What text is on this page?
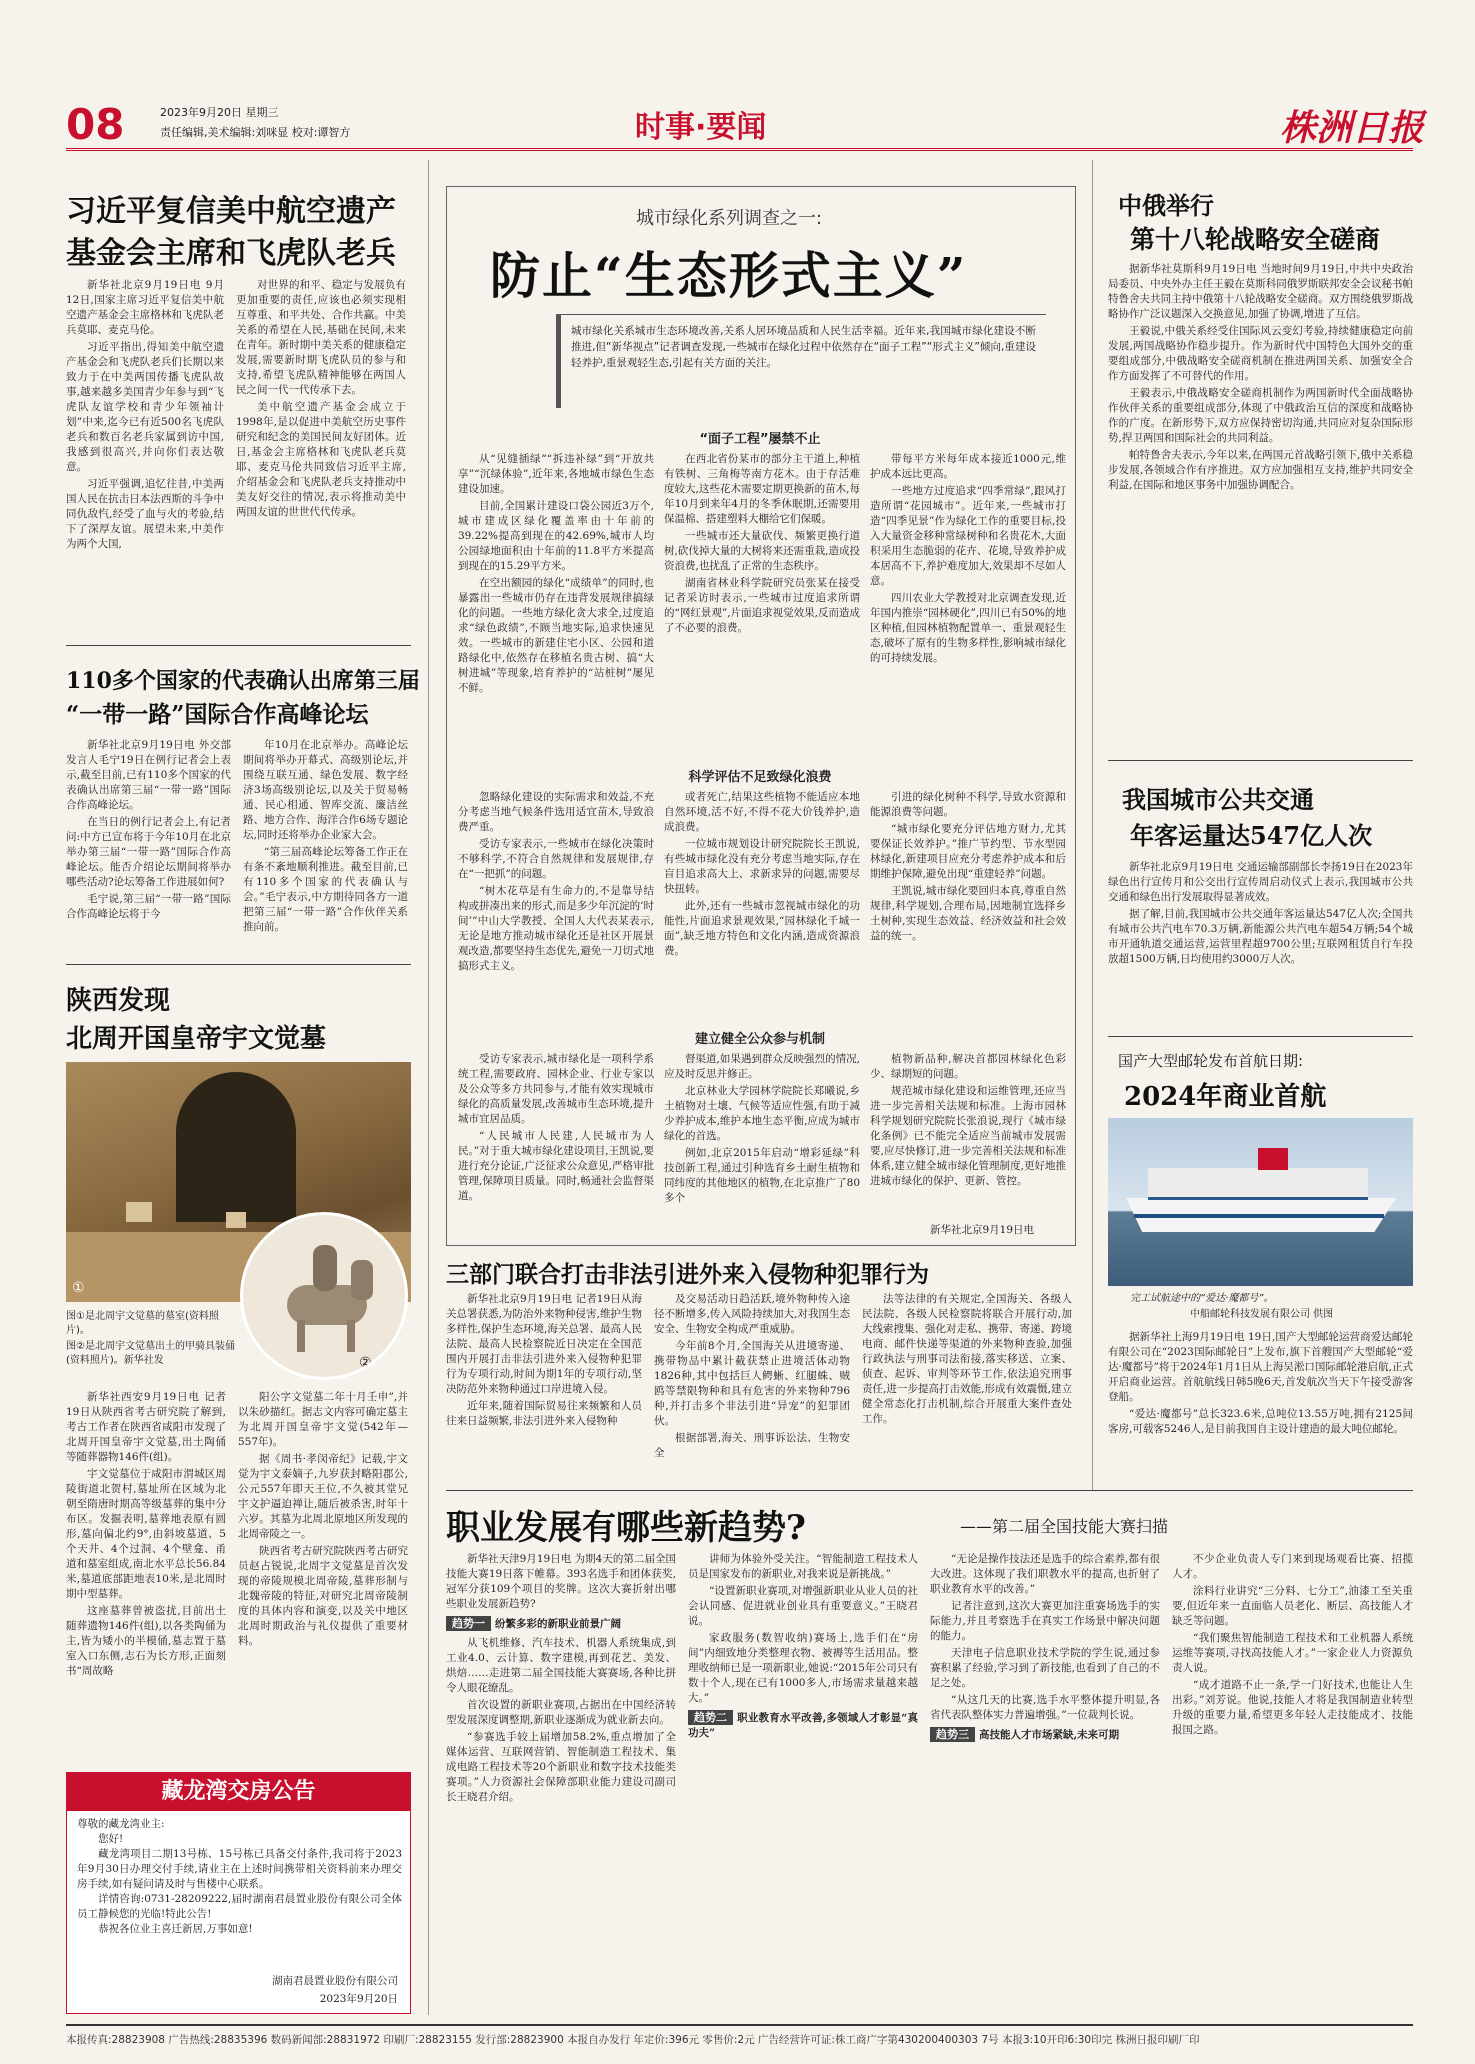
08	2023年9月20日 星期三
责任编辑,美术编辑:刘咪显 校对:谭智方	时事·要闻	株洲日报
习近平复信美中航空遗产
基金会主席和飞虎队老兵

新华社北京9月19日电 9月12日,国家主席习近平复信美中航空遗产基金会主席格林和飞虎队老兵莫耶、麦克马伦。

习近平指出,得知美中航空遗产基金会和飞虎队老兵们长期以来致力于在中美两国传播飞虎队故事,越来越多美国青少年参与到“飞虎队友谊学校和青少年领袖计划”中来,迄今已有近500名飞虎队老兵和数百名老兵家属到访中国,我感到很高兴,并向你们表达敬意。

习近平强调,追忆往昔,中美两国人民在抗击日本法西斯的斗争中同仇敌忾,经受了血与火的考验,结下了深厚友谊。展望未来,中美作为两个大国,

对世界的和平、稳定与发展负有更加重要的责任,应该也必须实现相互尊重、和平共处、合作共赢。中美关系的希望在人民,基础在民间,未来在青年。新时期中美关系的健康稳定发展,需要新时期飞虎队员的参与和支持,希望飞虎队精神能够在两国人民之间一代一代传承下去。

美中航空遗产基金会成立于1998年,是以促进中美航空历史事件研究和纪念的美国民间友好团体。近日,基金会主席格林和飞虎队老兵莫耶、麦克马伦共同致信习近平主席,介绍基金会和飞虎队老兵支持推动中美友好交往的情况,表示将推动美中两国友谊的世世代代传承。

110多个国家的代表确认出席第三届
“一带一路”国际合作高峰论坛

新华社北京9月19日电 外交部发言人毛宁19日在例行记者会上表示,截至目前,已有110多个国家的代表确认出席第三届“一带一路”国际合作高峰论坛。

在当日的例行记者会上,有记者问:中方已宣布将于今年10月在北京举办第三届“一带一路”国际合作高峰论坛。能否介绍论坛期间将举办哪些活动?论坛筹备工作进展如何?

毛宁说,第三届“一带一路”国际合作高峰论坛将于今

年10月在北京举办。高峰论坛期间将举办开幕式、高级别论坛,并围绕互联互通、绿色发展、数字经济3场高级别论坛,以及关于贸易畅通、民心相通、智库交流、廉洁丝路、地方合作、海洋合作6场专题论坛,同时还将举办企业家大会。

“第三届高峰论坛筹备工作正在有条不紊地顺利推进。截至目前,已有110多个国家的代表确认与会。”毛宁表示,中方期待同各方一道把第三届“一带一路”合作伙伴关系推向前。

陕西发现
北周开国皇帝宇文觉墓
①
②
图①是北周宇文觉墓的墓室(资料照片)。
图②是北周宇文觉墓出土的甲骑具装俑(资料照片)。新华社发

新华社西安9月19日电 记者19日从陕西省考古研究院了解到,考古工作者在陕西省咸阳市发现了北周开国皇帝宇文觉墓,出土陶俑等随葬器物146件(组)。

宇文觉墓位于咸阳市渭城区周陵街道北贺村,墓址所在区域为北朝至隋唐时期高等级墓葬的集中分布区。发掘表明,墓葬地表原有圆形,墓向偏北约9°,由斜坡墓道、5个天井、4个过洞、4个壁龛、甬道和墓室组成,南北水平总长56.84米,墓道底部距地表10米,是北周时期中型墓葬。

这座墓葬曾被盗扰,目前出土随葬遗物146件(组),以各类陶俑为主,皆为矮小的半模俑,墓志置于墓室入口东侧,志石为长方形,正面刻书“周故略

阳公字文觉墓二年十月壬申”,并以朱砂描红。据志文内容可确定墓主为北周开国皇帝宇文觉(542年—557年)。

据《周书·孝闵帝纪》记载,宇文觉为宇文泰嫡子,九岁获封略阳郡公,公元557年即天王位,不久被其堂兄宇文护逼迫禅让,随后被杀害,时年十六岁。其墓为北周北原地区所发现的北周帝陵之一。

陕西省考古研究院陕西考古研究员赵占锐说,北周宇文觉墓是首次发现的帝陵规模北周帝陵,墓葬形制与北魏帝陵的特征,对研究北周帝陵制度的具体内容和演变,以及关中地区北周时期政治与礼仪提供了重要材料。

藏龙湾交房公告
尊敬的藏龙湾业主:
您好!
藏龙湾项目二期13号栋、15号栋已具备交付条件,我司将于2023年9月30日办理交付手续,请业主在上述时间携带相关资料前来办理交房手续,如有疑问请及时与售楼中心联系。
详情咨询:0731-28209222,届时湖南君晨置业股份有限公司全体员工静候您的光临!特此公告!
恭祝各位业主喜迁新居,万事如意!
湖南君晨置业股份有限公司
2023年9月20日
城市绿化系列调查之一:
防止“生态形式主义”
城市绿化关系城市生态环境改善,关系人居环境品质和人民生活幸福。近年来,我国城市绿化建设不断推进,但“新华视点”记者调查发现,一些城市在绿化过程中依然存在“面子工程”“形式主义”倾向,重建设轻养护,重景观轻生态,引起有关方面的关注。
“面子工程”屡禁不止

从“见缝插绿”“拆违补绿”到“开放共享”“沉绿体验”,近年来,各地城市绿色生态建设加速。

目前,全国累计建设口袋公园近3万个,城市建成区绿化覆盖率由十年前的39.22%提高到现在的42.69%,城市人均公园绿地面积由十年前的11.8平方米提高到现在的15.29平方米。

在空出额园的绿化“成绩单”的同时,也暴露出一些城市仍存在违背发展规律搞绿化的问题。一些地方绿化贪大求全,过度追求“绿色政绩”,不顾当地实际,追求快速见效。一些城市的新建住宅小区、公园和道路绿化中,依然存在移植名贵古树、搞“大树进城”等现象,培育养护的“站桩树”屡见不鲜。

在西北省份某市的部分主干道上,种植有铁树、三角梅等南方花木。由于存活难度较大,这些花木需要定期更换新的苗木,每年10月到来年4月的冬季休眠期,还需要用保温棉、搭建塑料大棚给它们保暖。

一些城市还大量砍伐、频繁更换行道树,砍伐掉大量的大树将来还需重栽,造成投资浪费,也扰乱了正常的生态秩序。

湖南省林业科学院研究员张某在接受记者采访时表示,一些城市过度追求所谓的“网红景观”,片面追求视觉效果,反而造成了不必要的浪费。

带每平方米每年成本接近1000元,维护成本远比更高。

一些地方过度追求“四季常绿”,跟风打造所谓“花园城市”。近年来,一些城市打造“四季见景”作为绿化工作的重要目标,投入大量资金移种常绿树种和名贵花木,大面积采用生态脆弱的花卉、花境,导致养护成本居高不下,养护难度加大,效果却不尽如人意。

四川农业大学教授对北京调查发现,近年国内推崇“园林硬化”,四川已有50%的地区种植,但园林植物配置单一、重景观轻生态,破坏了原有的生物多样性,影响城市绿化的可持续发展。

科学评估不足致绿化浪费

忽略绿化建设的实际需求和效益,不充分考虑当地气候条件选用适宜苗木,导致浪费严重。

受访专家表示,一些城市在绿化决策时不够科学,不符合自然规律和发展规律,存在“一把抓”的问题。

“树木花草是有生命力的,不是靠导结构或拼凑出来的形式,而是多少年沉淀的‘时间’”中山大学教授、全国人大代表某表示,无论是地方推动城市绿化还是社区开展景观改造,都要坚持生态优先,避免一刀切式地搞形式主义。

或者死亡,结果这些植物不能适应本地自然环境,活不好,不得不花大价钱养护,造成浪费。

一位城市规划设计研究院院长王凯说,有些城市绿化没有充分考虑当地实际,存在盲目追求高大上、求新求异的问题,需要尽快扭转。

此外,还有一些城市忽视城市绿化的功能性,片面追求景观效果,“园林绿化千城一面”,缺乏地方特色和文化内涵,造成资源浪费。

引进的绿化树种不科学,导致水资源和能源浪费等问题。

“城市绿化要充分评估地方财力,尤其要保证长效养护。”推广节约型、节水型园林绿化,新建项目应充分考虑养护成本和后期维护保障,避免出现“重建轻养”问题。

王凯说,城市绿化要回归本真,尊重自然规律,科学规划,合理布局,因地制宜选择乡土树种,实现生态效益、经济效益和社会效益的统一。

建立健全公众参与机制

受访专家表示,城市绿化是一项科学系统工程,需要政府、园林企业、行业专家以及公众等多方共同参与,才能有效实现城市绿化的高质量发展,改善城市生态环境,提升城市宜居品质。

“人民城市人民建,人民城市为人民。”对于重大城市绿化建设项目,王凯说,要进行充分论证,广泛征求公众意见,严格审批管理,保障项目质量。同时,畅通社会监督渠道。

督渠道,如果遇到群众反映强烈的情况,应及时反思并修正。

北京林业大学园林学院院长郑曦说,乡土植物对土壤、气候等适应性强,有助于减少养护成本,维护本地生态平衡,应成为城市绿化的首选。

例如,北京2015年启动“增彩延绿”科技创新工程,通过引种选育乡土耐生植物和同纬度的其他地区的植物,在北京推广了80多个

植物新品种,解决首都园林绿化色彩少、绿期短的问题。

规范城市绿化建设和运维管理,还应当进一步完善相关法规和标准。上海市园林科学规划研究院院长张浪说,现行《城市绿化条例》已不能完全适应当前城市发展需要,应尽快修订,进一步完善相关法规和标准体系,建立健全城市绿化管理制度,更好地推进城市绿化的保护、更新、管控。

新华社北京9月19日电
三部门联合打击非法引进外来入侵物种犯罪行为

新华社北京9月19日电 记者19日从海关总署获悉,为防治外来物种侵害,维护生物多样性,保护生态环境,海关总署、最高人民法院、最高人民检察院近日决定在全国范围内开展打击非法引进外来入侵物种犯罪行为专项行动,时间为期1年的专项行动,坚决防范外来物种通过口岸进境入侵。

近年来,随着国际贸易往来频繁和人员往来日益频繁,非法引进外来入侵物种

及交易活动日趋活跃,境外物种传入途径不断增多,传入风险持续加大,对我国生态安全、生物安全构成严重威胁。

今年前8个月,全国海关从进境寄递、携带物品中累计截获禁止进境活体动物1826种,其中包括巨人鳄蜥、红腿蛛、贼鸥等禁限物种和具有危害的外来物种796种,并打击多个非法引进“异宠”的犯罪团伙。

根据部署,海关、刑事诉讼法、生物安全

法等法律的有关规定,全国海关、各级人民法院、各级人民检察院将联合开展行动,加大线索搜集、强化对走私、携带、寄递、跨境电商、邮件快递等渠道的外来物种查验,加强行政执法与刑事司法衔接,落实移送、立案、侦查、起诉、审判等环节工作,依法追究刑事责任,进一步提高打击效能,形成有效震慑,建立健全常态化打击机制,综合开展重大案件查处工作。

中俄举行
第十八轮战略安全磋商

据新华社莫斯科9月19日电 当地时间9月19日,中共中央政治局委员、中央外办主任王毅在莫斯科同俄罗斯联邦安全会议秘书帕特鲁舍夫共同主持中俄第十八轮战略安全磋商。双方围绕俄罗斯战略协作广泛议题深入交换意见,加强了协调,增进了互信。

王毅说,中俄关系经受住国际风云变幻考验,持续健康稳定向前发展,两国战略协作稳步提升。作为新时代中国特色大国外交的重要组成部分,中俄战略安全磋商机制在推进两国关系、加强安全合作方面发挥了不可替代的作用。

王毅表示,中俄战略安全磋商机制作为两国新时代全面战略协作伙伴关系的重要组成部分,体现了中俄政治互信的深度和战略协作的广度。在新形势下,双方应保持密切沟通,共同应对复杂国际形势,捍卫两国和国际社会的共同利益。

帕特鲁舍夫表示,今年以来,在两国元首战略引领下,俄中关系稳步发展,各领域合作有序推进。双方应加强相互支持,维护共同安全利益,在国际和地区事务中加强协调配合。

我国城市公共交通
年客运量达547亿人次

新华社北京9月19日电 交通运输部副部长李扬19日在2023年绿色出行宣传月和公交出行宣传周启动仪式上表示,我国城市公共交通和绿色出行发展取得显著成效。

据了解,目前,我国城市公共交通年客运量达547亿人次;全国共有城市公共汽电车70.3万辆,新能源公共汽电车超54万辆;54个城市开通轨道交通运营,运营里程超9700公里;互联网租赁自行车投放超1500万辆,日均使用约3000万人次。

国产大型邮轮发布首航日期:
2024年商业首航
完工试航途中的“爱达·魔都号”。
中船邮轮科技发展有限公司 供图

据新华社上海9月19日电 19日,国产大型邮轮运营商爱达邮轮有限公司在“2023国际邮轮日”上发布,旗下首艘国产大型邮轮“爱达·魔都号”将于2024年1月1日从上海吴淞口国际邮轮港启航,正式开启商业运营。首航航线日韩5晚6天,首发航次当天下午接受游客登船。

“爱达·魔都号”总长323.6米,总吨位13.55万吨,拥有2125间客房,可载客5246人,是目前我国自主设计建造的最大吨位邮轮。

职业发展有哪些新趋势?	——第二届全国技能大赛扫描

新华社天津9月19日电 为期4天的第二届全国技能大赛19日落下帷幕。393名选手和团体获奖,冠军分获109个项目的奖牌。这次大赛折射出哪些职业发展新趋势?

趋势一 纷繁多彩的新职业前景广阔

从飞机维修、汽车技术、机器人系统集成,到工业4.0、云计算、数字建模,再到花艺、美发、烘焙……走进第二届全国技能大赛赛场,各种比拼令人眼花缭乱。

首次设置的新职业赛项,占据出在中国经济转型发展深度调整期,新职业逐渐成为就业新去向。

“参赛选手较上届增加58.2%,重点增加了全媒体运营、互联网营销、智能制造工程技术、集成电路工程技术等20个新职业和数字技术技能类赛项。”人力资源社会保障部职业能力建设司副司长王晓君介绍。

讲师为体验外受关注。“智能制造工程技术人员是国家发布的新职业,对我来说是新挑战。”

“设置新职业赛项,对增强新职业从业人员的社会认同感、促进就业创业具有重要意义。”王晓君说。

家政服务(数智收纳)赛场上,选手们在“房间”内细致地分类整理衣物、被褥等生活用品。整理收纳师已是一项新职业,她说:“2015年公司只有数十个人,现在已有1000多人,市场需求量越来越大。”

趋势二 职业教育水平改善,多领域人才彰显“真功夫”

“无论是操作技法还是选手的综合素养,都有很大改进。这体现了我们职教水平的提高,也折射了职业教育水平的改善。”

记者注意到,这次大赛更加注重赛场选手的实际能力,并且考察选手在真实工作场景中解决问题的能力。

天津电子信息职业技术学院的学生说,通过参赛积累了经验,学习到了新技能,也看到了自己的不足之处。

“从这几天的比赛,选手水平整体提升明显,各省代表队整体实力普遍增强。”一位裁判长说。

趋势三 高技能人才市场紧缺,未来可期

不少企业负责人专门来到现场观看比赛、招揽人才。

涂料行业讲究“三分料、七分工”,油漆工至关重要,但近年来一直面临人员老化、断层、高技能人才缺乏等问题。

“我们聚焦智能制造工程技术和工业机器人系统运维等赛项,寻找高技能人才。”一家企业人力资源负责人说。

“成才道路不止一条,学一门好技术,也能让人生出彩。”刘芳说。他说,技能人才将是我国制造业转型升级的重要力量,希望更多年轻人走技能成才、技能报国之路。

本报传真:28823908 广告热线:28835396 数码新闻部:28831972 印刷厂:28823155 发行部:28823900 本报自办发行 年定价:396元 零售价:2元 广告经营许可证:株工商广字第430200400303 7号 本报3:10开印6:30印完 株洲日报印刷厂印
